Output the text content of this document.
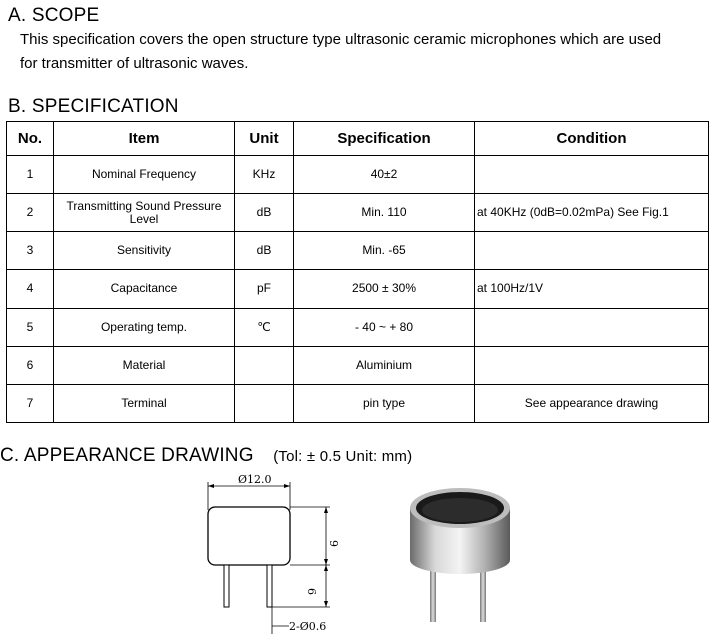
A. SCOPE
This specification covers the open structure type ultrasonic ceramic microphones which are used
for transmitter of ultrasonic waves.
B. SPECIFICATION
No.	Item	Unit	Specification	Condition
1	Nominal Frequency	KHz	40±2	
2	Transmitting Sound Pressure Level	dB	Min. 110	at 40KHz (0dB=0.02mPa) See Fig.1
3	Sensitivity	dB	Min. -65	
4	Capacitance	pF	2500 ± 30%	at 100Hz/1V
5	Operating temp.	℃	- 40 ~ + 80	
6	Material		Aluminium	
7	Terminal		pin type	See appearance drawing
C. APPEARANCE DRAWING (Tol: ± 0.5 Unit: mm)
Ø12.0
9
6
2-Ø0.6
